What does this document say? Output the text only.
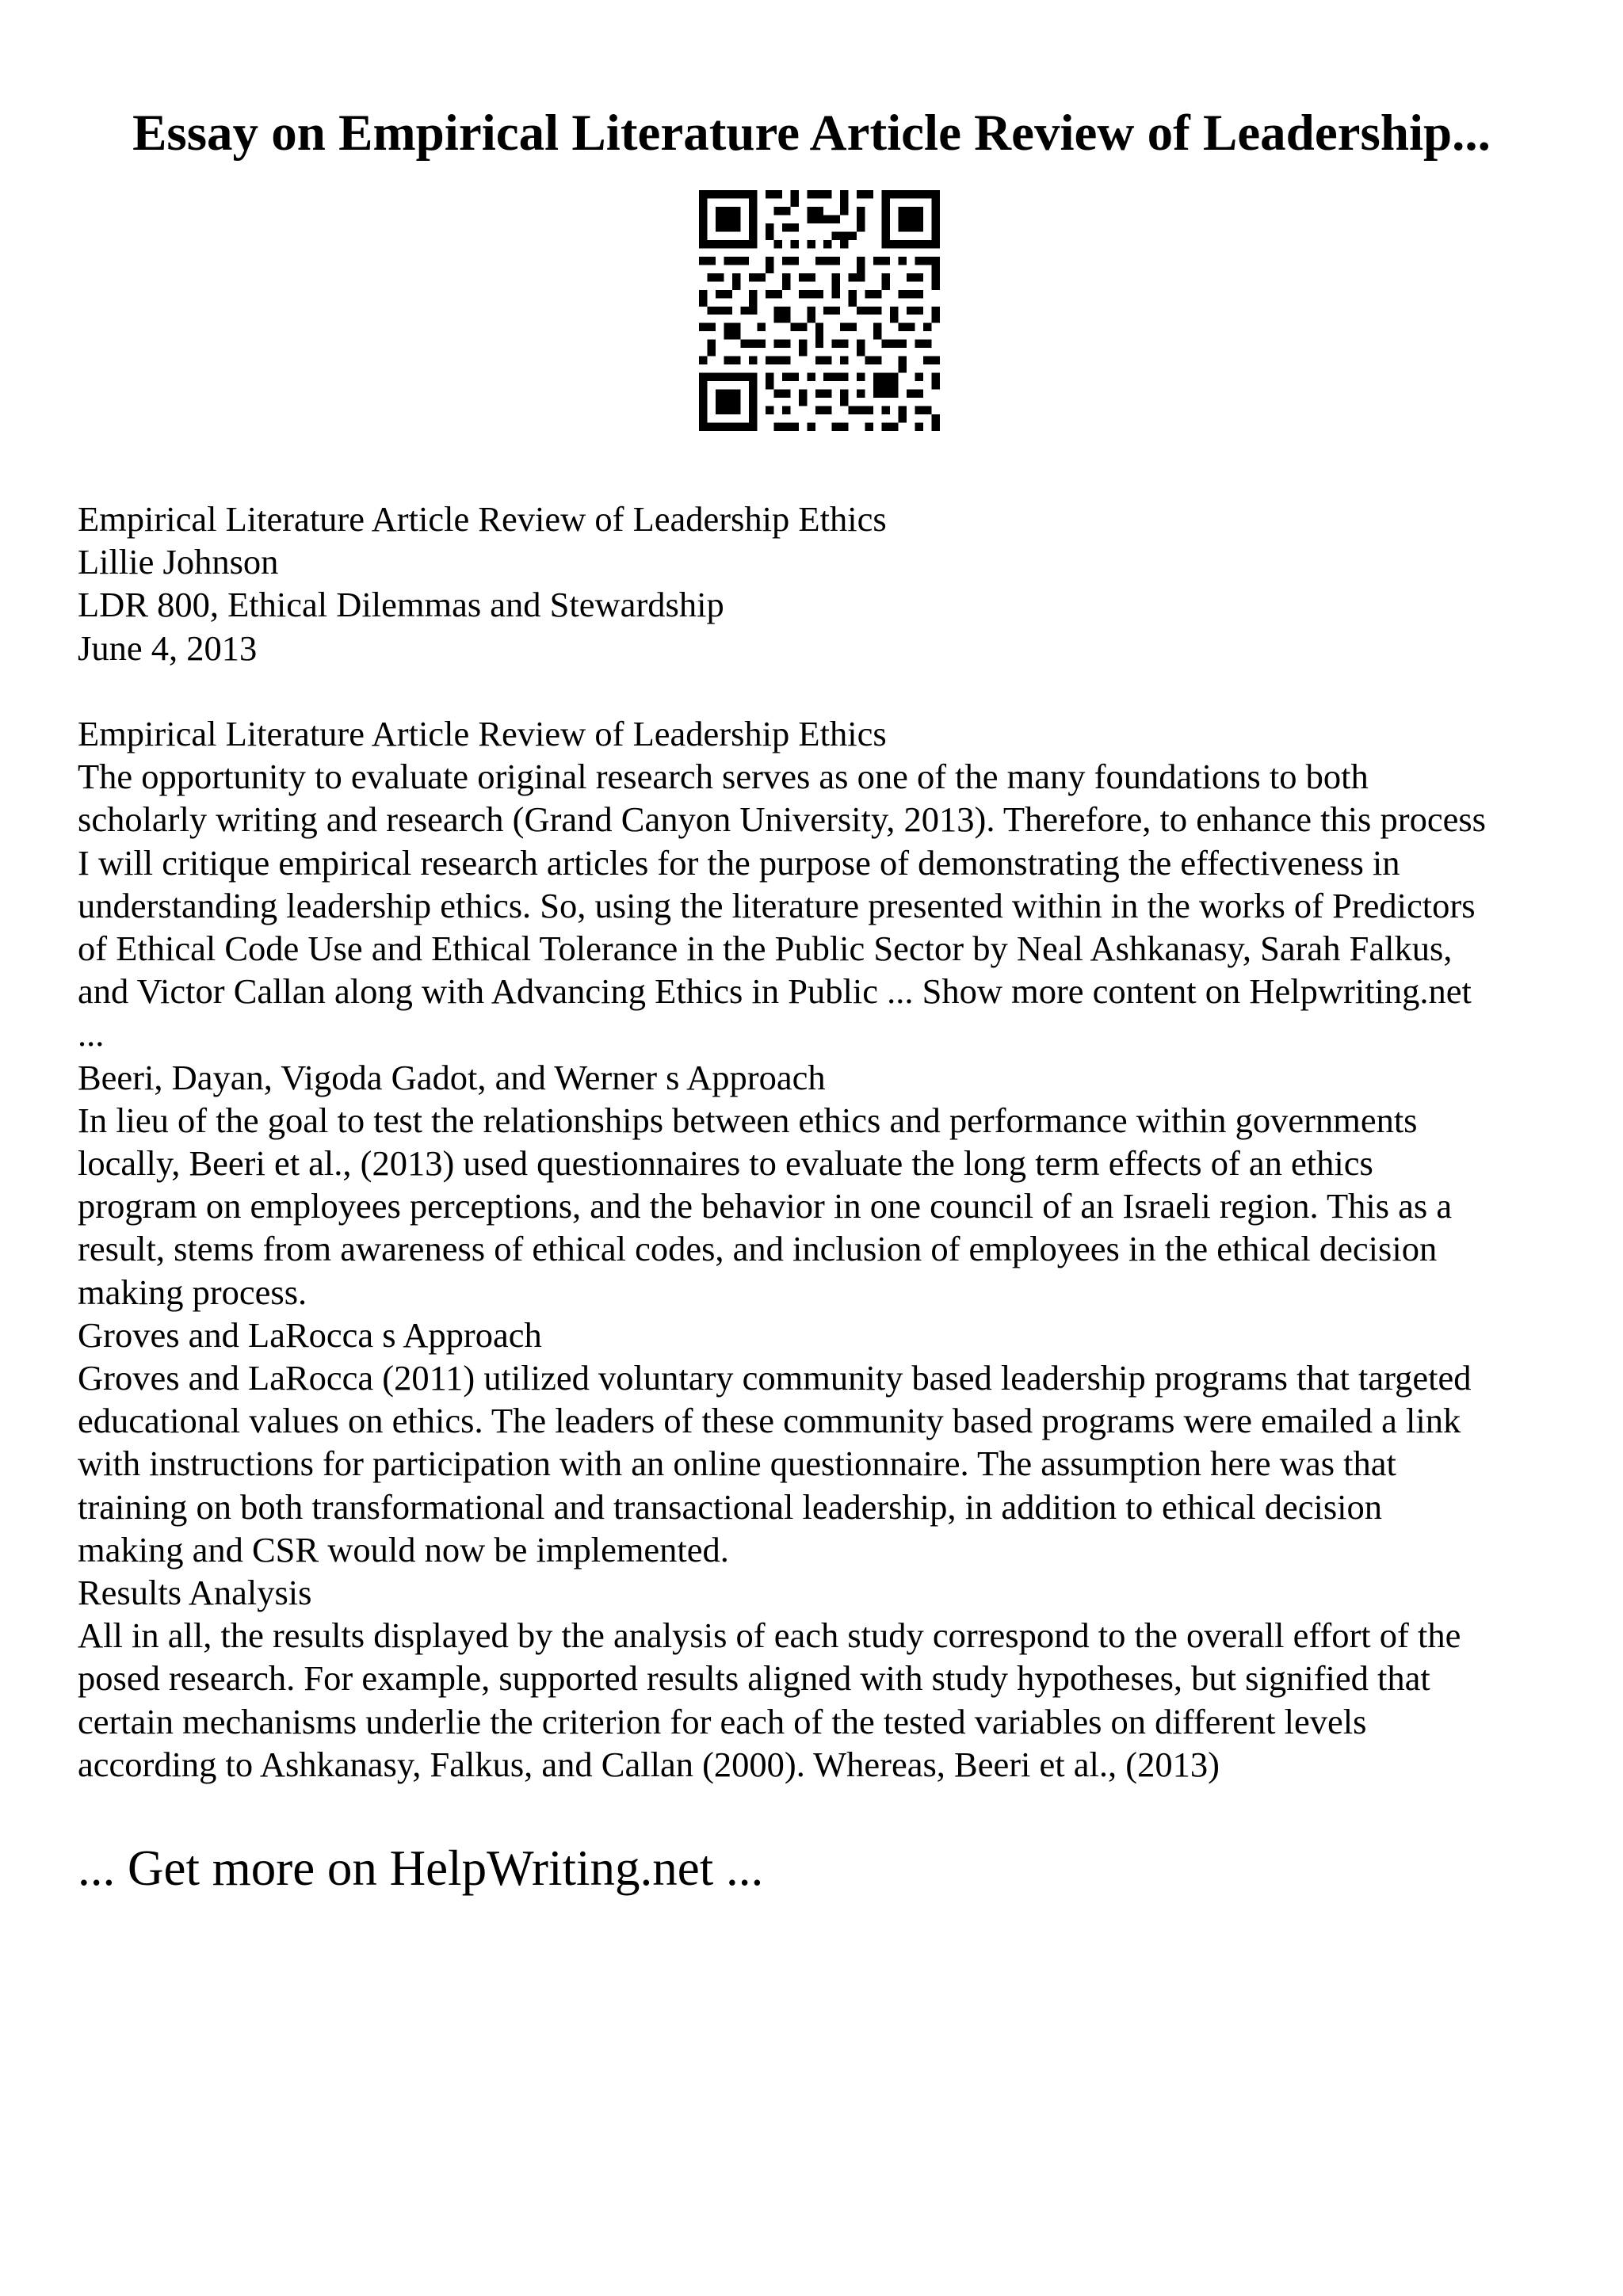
Essay on Empirical Literature Article Review of Leadership...
Empirical Literature Article Review of Leadership Ethics
Lillie Johnson
LDR 800, Ethical Dilemmas and Stewardship
June 4, 2013
Empirical Literature Article Review of Leadership Ethics
The opportunity to evaluate original research serves as one of the many foundations to both
scholarly writing and research (Grand Canyon University, 2013). Therefore, to enhance this process
I will critique empirical research articles for the purpose of demonstrating the effectiveness in
understanding leadership ethics. So, using the literature presented within in the works of Predictors
of Ethical Code Use and Ethical Tolerance in the Public Sector by Neal Ashkanasy, Sarah Falkus,
and Victor Callan along with Advancing Ethics in Public ... Show more content on Helpwriting.net
...
Beeri, Dayan, Vigoda Gadot, and Werner s Approach
In lieu of the goal to test the relationships between ethics and performance within governments
locally, Beeri et al., (2013) used questionnaires to evaluate the long term effects of an ethics
program on employees perceptions, and the behavior in one council of an Israeli region. This as a
result, stems from awareness of ethical codes, and inclusion of employees in the ethical decision
making process.
Groves and LaRocca s Approach
Groves and LaRocca (2011) utilized voluntary community based leadership programs that targeted
educational values on ethics. The leaders of these community based programs were emailed a link
with instructions for participation with an online questionnaire. The assumption here was that
training on both transformational and transactional leadership, in addition to ethical decision
making and CSR would now be implemented.
Results Analysis
All in all, the results displayed by the analysis of each study correspond to the overall effort of the
posed research. For example, supported results aligned with study hypotheses, but signified that
certain mechanisms underlie the criterion for each of the tested variables on different levels
according to Ashkanasy, Falkus, and Callan (2000). Whereas, Beeri et al., (2013)
... Get more on HelpWriting.net ...
